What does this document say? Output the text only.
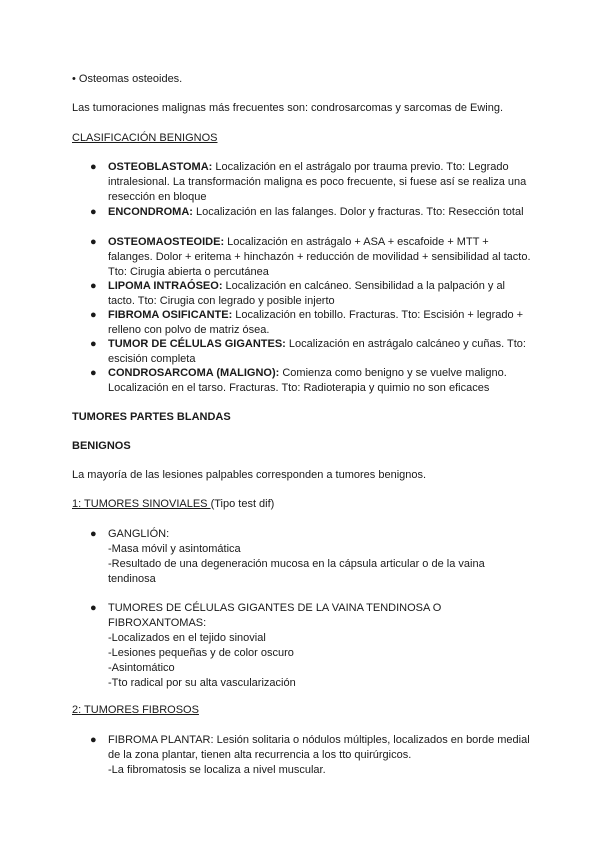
• Osteomas osteoides.
Las tumoraciones malignas más frecuentes son: condrosarcomas y sarcomas de Ewing.
CLASIFICACIÓN BENIGNOS
● OSTEOBLASTOMA: Localización en el astrágalo por trauma previo. Tto: Legrado intralesional. La transformación maligna es poco frecuente, si fuese así se realiza una resección en bloque
● ENCONDROMA: Localización en las falanges. Dolor y fracturas. Tto: Resección total
● OSTEOMAOSTEOIDE: Localización en astrágalo + ASA + escafoide + MTT + falanges. Dolor + eritema + hinchazón + reducción de movilidad + sensibilidad al tacto. Tto: Cirugia abierta o percutánea
● LIPOMA INTRAÓSEO: Localización en calcáneo. Sensibilidad a la palpación y al tacto. Tto: Cirugia con legrado y posible injerto
● FIBROMA OSIFICANTE: Localización en tobillo. Fracturas. Tto: Escisión + legrado + relleno con polvo de matriz ósea.
● TUMOR DE CÉLULAS GIGANTES: Localización en astrágalo calcáneo y cuñas. Tto: escisión completa
● CONDROSARCOMA (MALIGNO): Comienza como benigno y se vuelve maligno. Localización en el tarso. Fracturas. Tto: Radioterapia y quimio no son eficaces
TUMORES PARTES BLANDAS
BENIGNOS
La mayoría de las lesiones palpables corresponden a tumores benignos.
1: TUMORES SINOVIALES (Tipo test dif)
● GANGLIÓN:
-Masa móvil y asintomática
-Resultado de una degeneración mucosa en la cápsula articular o de la vaina tendinosa
● TUMORES DE CÉLULAS GIGANTES DE LA VAINA TENDINOSA O FIBROXANTOMAS:
-Localizados en el tejido sinovial
-Lesiones pequeñas y de color oscuro
-Asintomático
-Tto radical por su alta vascularización
2: TUMORES FIBROSOS
● FIBROMA PLANTAR: Lesión solitaria o nódulos múltiples, localizados en borde medial de la zona plantar, tienen alta recurrencia a los tto quirúrgicos.
-La fibromatosis se localiza a nivel muscular.
